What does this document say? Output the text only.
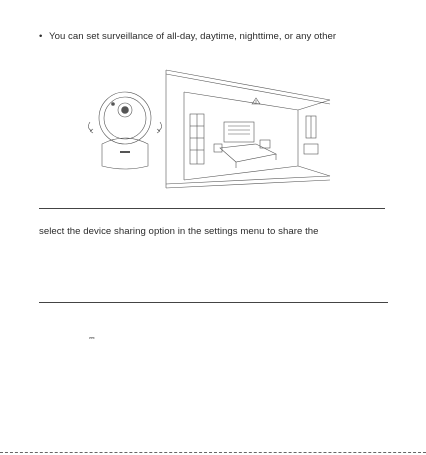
• You can set surveillance of all-day, daytime, nighttime, or any other
select the device sharing option in the settings menu to share the
⎓
